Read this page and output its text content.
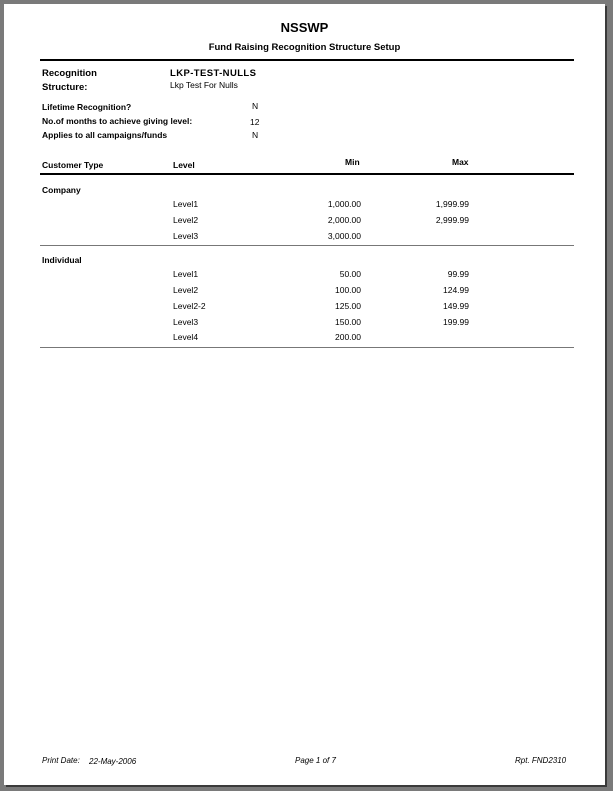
NSSWP
Fund Raising Recognition Structure Setup
Recognition
Structure:
LKP-TEST-NULLS
Lkp Test For Nulls
Lifetime Recognition?	N
No.of months to achieve giving level:	12
Applies to all campaigns/funds	N
Customer Type	Level	Min	Max
Company
Level1	1,000.00	1,999.99
Level2	2,000.00	2,999.99
Level3	3,000.00
Individual
Level1	50.00	99.99
Level2	100.00	124.99
Level2-2	125.00	149.99
Level3	150.00	199.99
Level4	200.00
Print Date: 22-May-2006	Page 1 of 7	Rpt. FND2310
